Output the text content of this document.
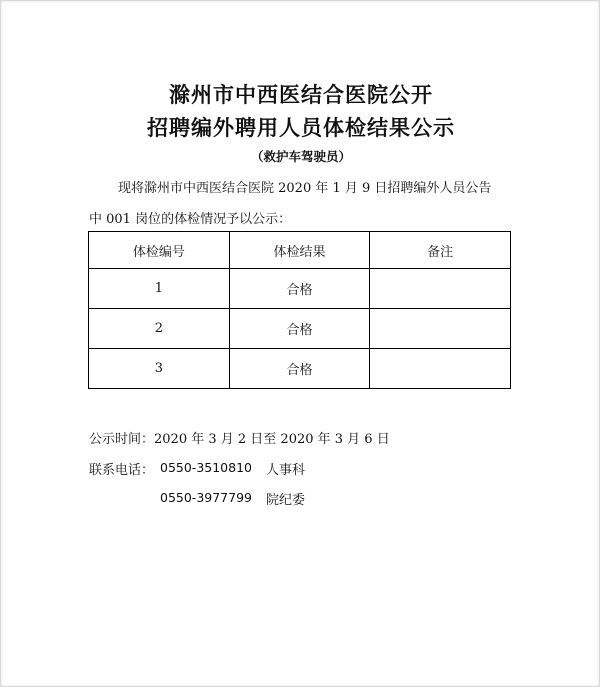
滁州市中西医结合医院公开
招聘编外聘用人员体检结果公示
（救护车驾驶员）
现将滁州市中西医结合医院 2020 年 1 月 9 日招聘编外人员公告
中 001 岗位的体检情况予以公示：
体检编号	体检结果	备注
1	合格	
2	合格	
3	合格	
公示时间：2020 年 3 月 2 日至 2020 年 3 月 6 日
联系电话： 0550-3510810 人事科
0550-3977799 院纪委
